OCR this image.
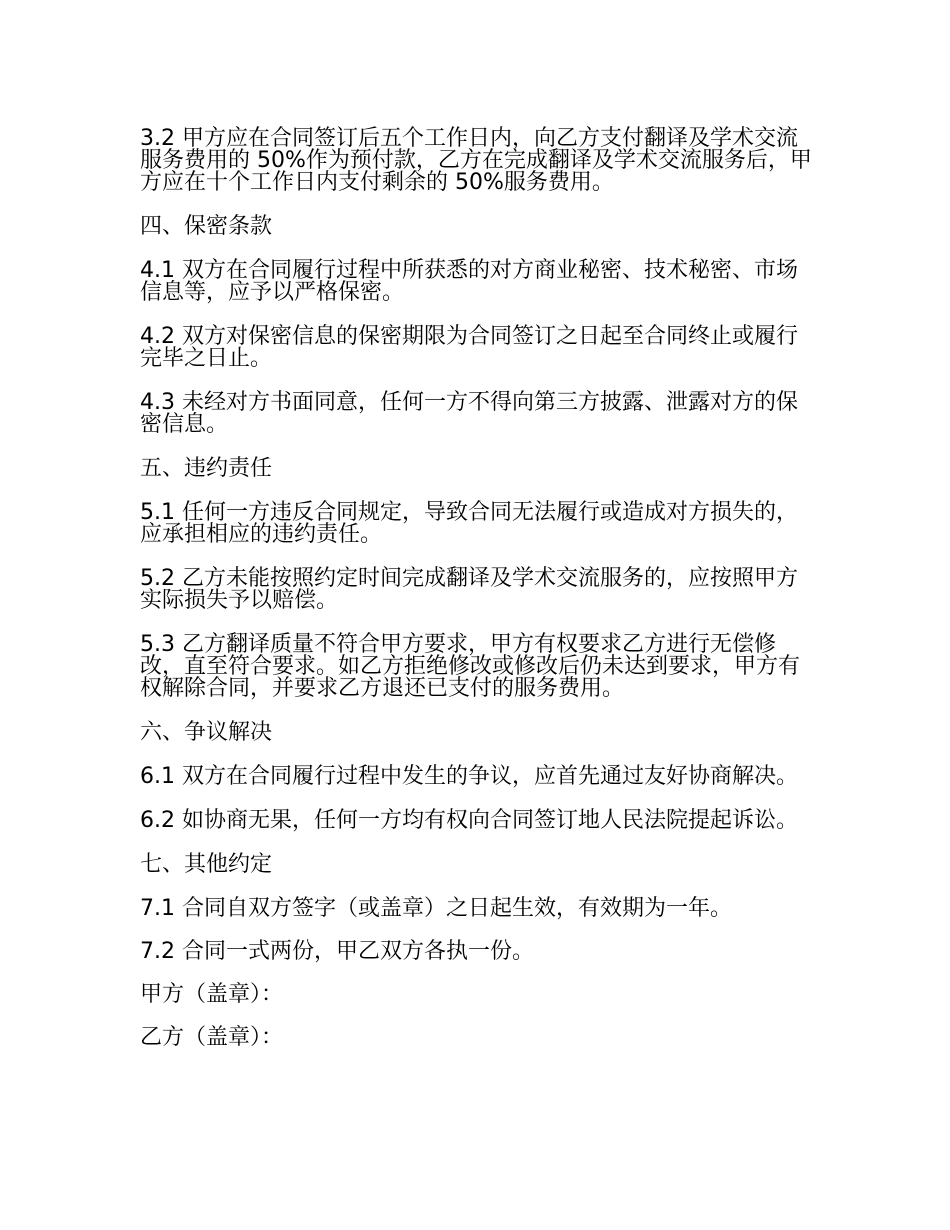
3.2 甲方应在合同签订后五个工作日内，向乙方支付翻译及学术交流服务费用的 50%作为预付款，乙方在完成翻译及学术交流服务后，甲方应在十个工作日内支付剩余的 50%服务费用。

四、保密条款

4.1 双方在合同履行过程中所获悉的对方商业秘密、技术秘密、市场信息等，应予以严格保密。

4.2 双方对保密信息的保密期限为合同签订之日起至合同终止或履行完毕之日止。

4.3 未经对方书面同意，任何一方不得向第三方披露、泄露对方的保密信息。

五、违约责任

5.1 任何一方违反合同规定，导致合同无法履行或造成对方损失的，应承担相应的违约责任。

5.2 乙方未能按照约定时间完成翻译及学术交流服务的，应按照甲方实际损失予以赔偿。

5.3 乙方翻译质量不符合甲方要求，甲方有权要求乙方进行无偿修改，直至符合要求。如乙方拒绝修改或修改后仍未达到要求，甲方有权解除合同，并要求乙方退还已支付的服务费用。

六、争议解决

6.1 双方在合同履行过程中发生的争议，应首先通过友好协商解决。

6.2 如协商无果，任何一方均有权向合同签订地人民法院提起诉讼。

七、其他约定

7.1 合同自双方签字（或盖章）之日起生效，有效期为一年。

7.2 合同一式两份，甲乙双方各执一份。

甲方（盖章）：

乙方（盖章）：
